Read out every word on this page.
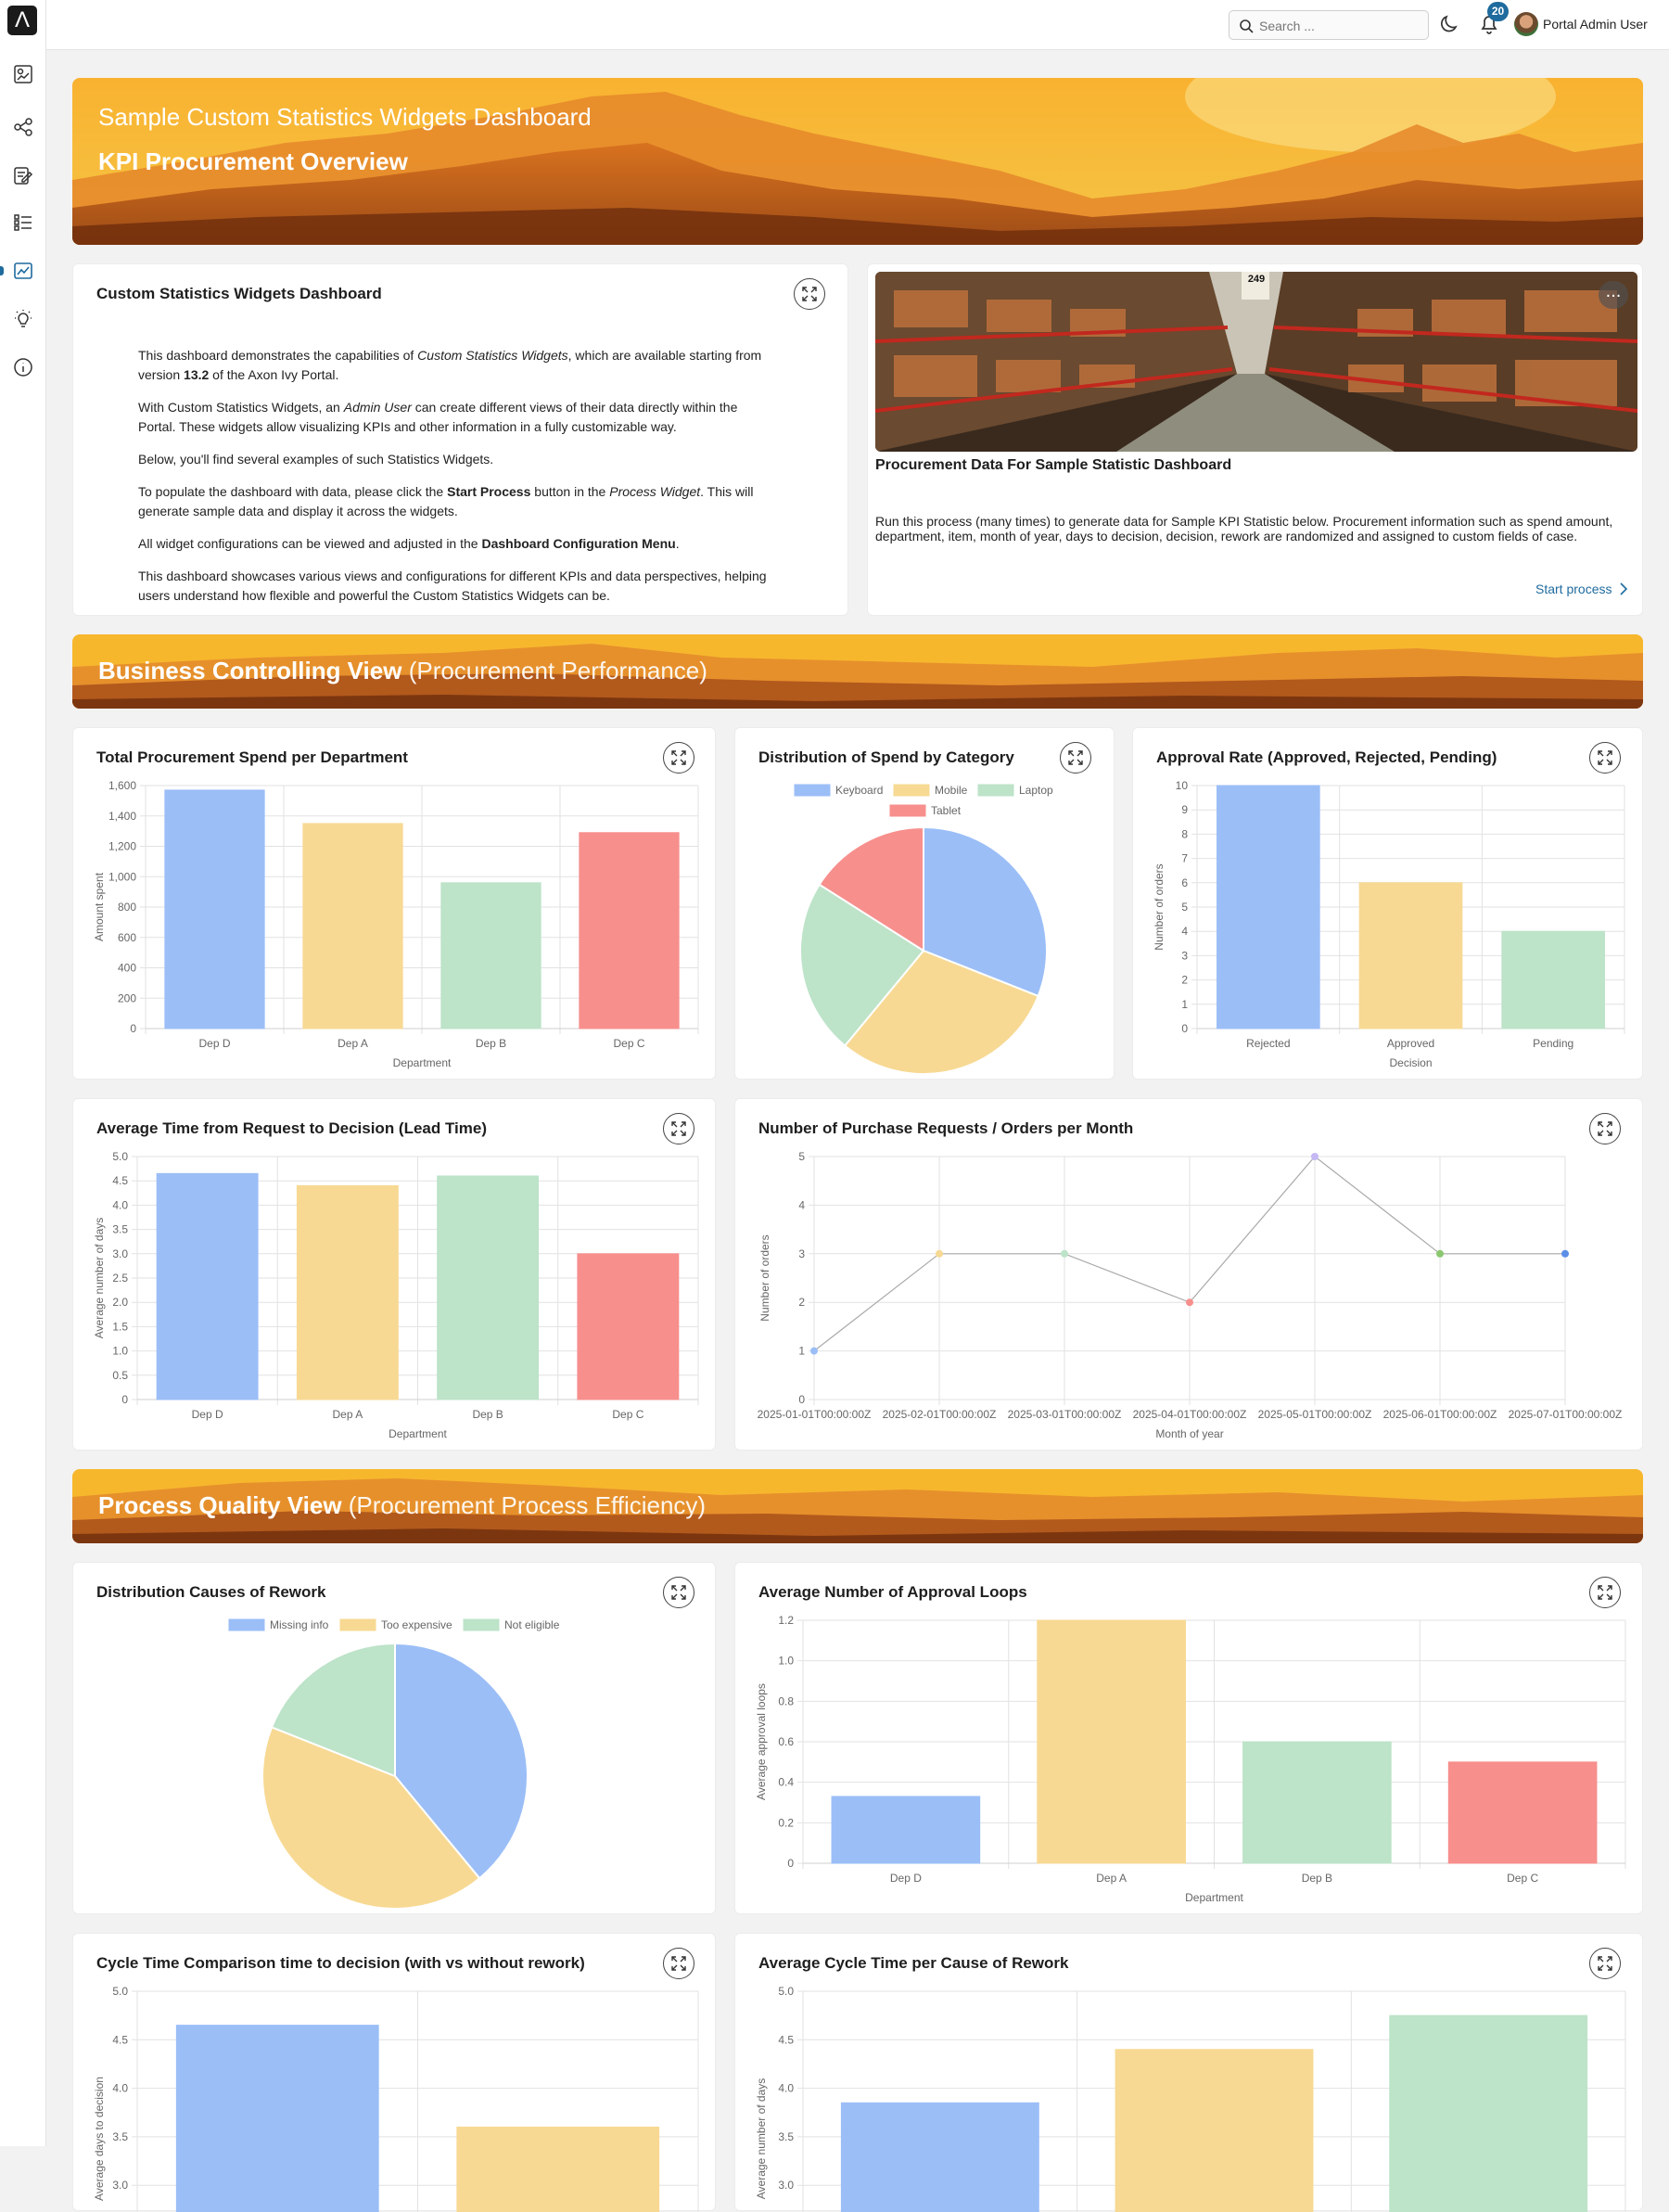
Λ
Search ...	20
Portal Admin User
Sample Custom Statistics Widgets Dashboard
KPI Procurement Overview
Custom Statistics Widgets Dashboard

This dashboard demonstrates the capabilities of Custom Statistics Widgets, which are available starting from version 13.2 of the Axon Ivy Portal.

With Custom Statistics Widgets, an Admin User can create different views of their data directly within the Portal. These widgets allow visualizing KPIs and other information in a fully customizable way.

Below, you'll find several examples of such Statistics Widgets.

To populate the dashboard with data, please click the Start Process button in the Process Widget. This will generate sample data and display it across the widgets.

All widget configurations can be viewed and adjusted in the Dashboard Configuration Menu.

This dashboard showcases various views and configurations for different KPIs and data perspectives, helping users understand how flexible and powerful the Custom Statistics Widgets can be.

249
...
Procurement Data For Sample Statistic Dashboard
Run this process (many times) to generate data for Sample KPI Statistic below. Procurement information such as spend amount, department, item, month of year, days to decision, decision, rework are randomized and assigned to custom fields of case.
Start process
Business Controlling View (Procurement Performance)
Total Procurement Spend per Department
0
200
400
600
800
1,000
1,200
1,400
1,600
Dep D	Dep A	Dep B	Dep C
Amount spent
Department
Distribution of Spend by Category
Keyboard	Mobile	Laptop
Tablet
Approval Rate (Approved, Rejected, Pending)
0
1
2
3
4
5
6
7
8
9
10
Rejected	Approved	Pending
Number of orders
Decision
Average Time from Request to Decision (Lead Time)
0
0.5
1.0
1.5
2.0
2.5
3.0
3.5
4.0
4.5
5.0
Dep D	Dep A	Dep B	Dep C
Average number of days
Department
Number of Purchase Requests / Orders per Month
0
1
2
3
4
5
2025-01-01T00:00:00Z 2025-02-01T00:00:00Z 2025-03-01T00:00:00Z 2025-04-01T00:00:00Z 2025-05-01T00:00:00Z 2025-06-01T00:00:00Z 2025-07-01T00:00:00Z
Number of orders
Month of year
Process Quality View (Procurement Process Efficiency)
Distribution Causes of Rework
Missing info	Too expensive	Not eligible
Average Number of Approval Loops
0
0.2
0.4
0.6
0.8
1.0
1.2
Dep D	Dep A	Dep B	Dep C
Average approval loops
Department
Cycle Time Comparison time to decision (with vs without rework)
3.0
3.5
4.0
4.5
5.0
Average days to decision
Average Cycle Time per Cause of Rework
3.0
3.5
4.0
4.5
5.0
Average number of days
